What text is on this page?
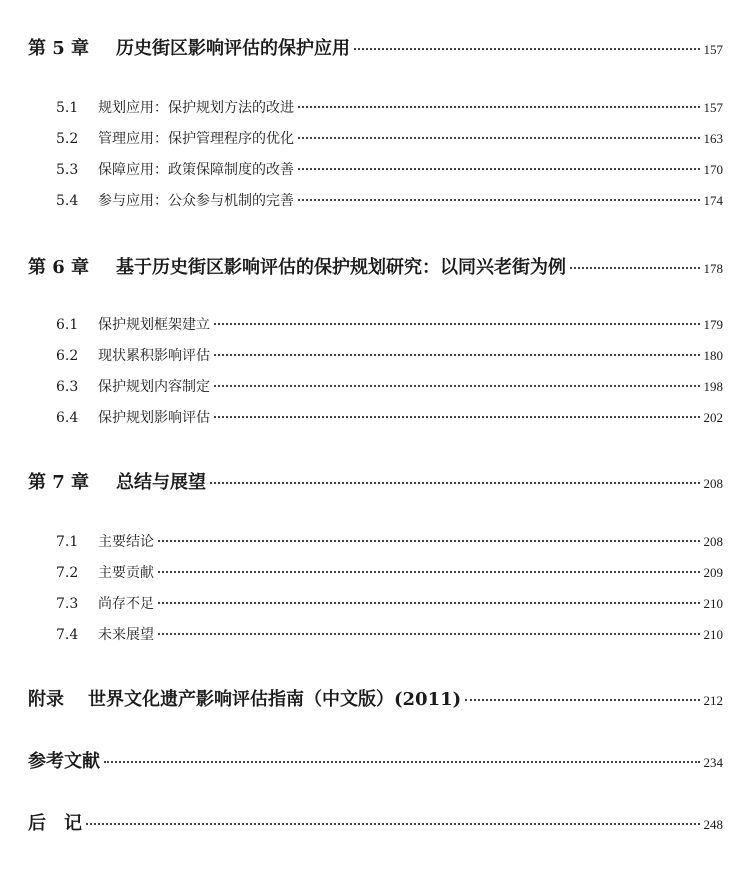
第 5 章	历史街区影响评估的保护应用	157
5.1	规划应用：保护规划方法的改进	157
5.2	管理应用：保护管理程序的优化	163
5.3	保障应用：政策保障制度的改善	170
5.4	参与应用：公众参与机制的完善	174
第 6 章	基于历史街区影响评估的保护规划研究：以同兴老街为例	178
6.1	保护规划框架建立	179
6.2	现状累积影响评估	180
6.3	保护规划内容制定	198
6.4	保护规划影响评估	202
第 7 章	总结与展望	208
7.1	主要结论	208
7.2	主要贡献	209
7.3	尚存不足	210
7.4	未来展望	210
附录	世界文化遗产影响评估指南（中文版）(2011)	212
参考文献	234
后　记	248
